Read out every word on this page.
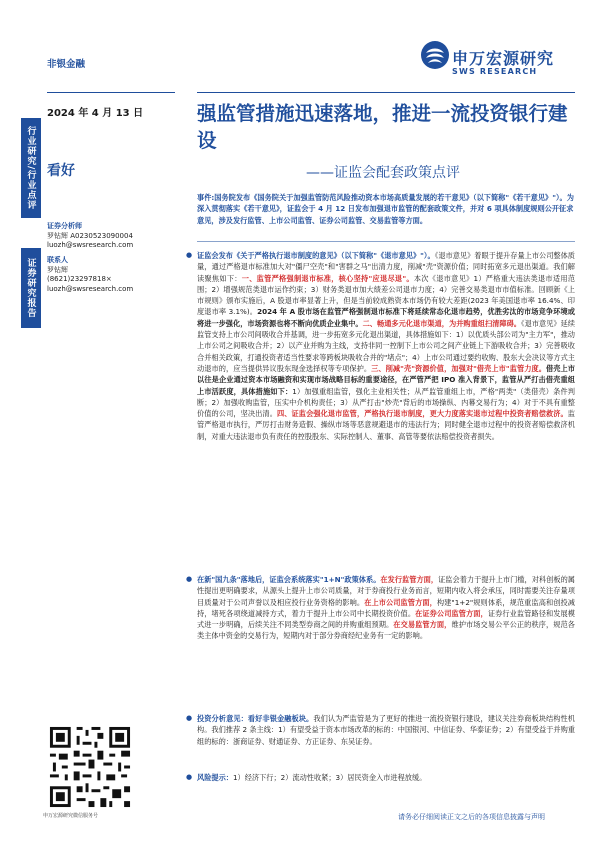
非银金融	申万宏源研究
SWS RESEARCH
2024 年 4 月 13 日
行业研究/行业点评 看好
证券研究报告
证券分析师
罗钻辉 A0230523090004
luozh@swsresearch.com
联系人
罗钻辉
(8621)23297818×
luozh@swsresearch.com
申万宏源研究微信服务号
强监管措施迅速落地，推进一流投资银行建设
——证监会配套政策点评
事件:国务院发布《国务院关于加强监管防范风险推动资本市场高质量发展的若干意见》（以下简称"《若干意见》"）。为深入贯彻落实《若干意见》，证监会于 4 月 12 日发布加强退市监管的配套政策文件，并对 6 项具体制度规则公开征求意见，涉及发行监管、上市公司监管、证券公司监管、交易监管等方面。
● 证监会发布《关于严格执行退市制度的意见》（以下简称"《退市意见》"）。《退市意见》着眼于提升存量上市公司整体质量，通过严格退市标准加大对"僵尸空壳"和"害群之马"出清力度，削减"壳"资源价值；同时拓宽多元退出渠道。我们解读聚焦如下：一、监管严格强制退市标准，核心坚持"应退尽退"。本次《退市意见》1）严格重大违法类退市适用范围；2）增强规范类退市运作约束；3）财务类退市加大绩差公司退市力度；4）完善交易类退市市值标准。回顾新《上市规则》颁布实施后，A 股退市率显著上升，但是当前较成熟资本市场仍有较大差距(2023 年美国退市率 16.4%、印度退市率 3.1%)。2024 年 A 股市场在监管严格强制退市标准下将延续常态化退市趋势，优胜劣汰的市场竞争环境或将进一步强化，市场资源也将不断向优质企业集中。二、畅通多元化退市渠道，为并购重组扫清障碍。《退市意见》延续监管支持上市公司间吸收合并基调，进一步拓宽多元化退出渠道，具体措施如下：1）以优质头部公司为"主力军"，推动上市公司之间吸收合并；2）以产业并购为主线，支持非同一控制下上市公司之间产业链上下游吸收合并；3）完善吸收合并相关政策，打通投资者适当性要求等跨板块吸收合并的"堵点"；4）上市公司通过要约收购、股东大会决议等方式主动退市的，应当提供异议股东现金选择权等专项保护。三、削减"壳"资源价值，加强对"借壳上市"监管力度。借壳上市以往是企业通过资本市场融资和实现市场战略目标的重要途径，在严管严把 IPO 准入背景下，监管从严打击借壳重组上市活跃度，具体措施如下：1）加强重组监管，强化主业相关性；从严监管重组上市，严格"两类"（类借壳）条件判断；2）加强收购监管，压实中介机构责任；3）从严打击"炒壳"背后的市场操纵、内幕交易行为；4）对于不具有重整价值的公司，坚决出清。四、证监会强化退市监管，严格执行退市制度，更大力度落实退市过程中投资者赔偿救济。监管严格退市执行，严厉打击财务造假、操纵市场等恶意规避退市的违法行为；同时健全退市过程中的投资者赔偿救济机制，对重大违法退市负有责任的控股股东、实际控制人、董事、高管等要依法赔偿投资者损失。
● 在新"国九条"落地后，证监会系统落实"1+N"政策体系。在发行监管方面，证监会着力于提升上市门槛，对科创板的属性提出更明确要求，从源头上提升上市公司质量，对于券商投行业务而言，短期内收入将会承压，同时需要关注存量项目质量对于公司声誉以及相应投行业务资格的影响。在上市公司监管方面，构建"1+2"规则体系，规范重监高和创投减持，堵死各项绕道减持方式，着力于提升上市公司中长期投资价值。在证券公司监管方面，证券行业监管路径和发展模式进一步明确，后续关注不同类型券商之间的并购重组预期。在交易监管方面，维护市场交易公平公正的秩序，规范各类主体中资金的交易行为，短期内对于部分券商经纪业务有一定的影响。
● 投资分析意见：看好非银金融板块。我们认为严监管是为了更好的推进一流投资银行建设，建议关注券商板块结构性机构。我们推荐 2 条主线：1）有望受益于资本市场改革的标的：中国银河、中信证券、华泰证券；2）有望受益于并购重组的标的：浙商证券、财通证券、方正证券、东吴证券。
● 风险提示：1）经济下行；2）流动性收紧；3）居民资金入市进程放缓。
请务必仔细阅读正文之后的各项信息披露与声明
